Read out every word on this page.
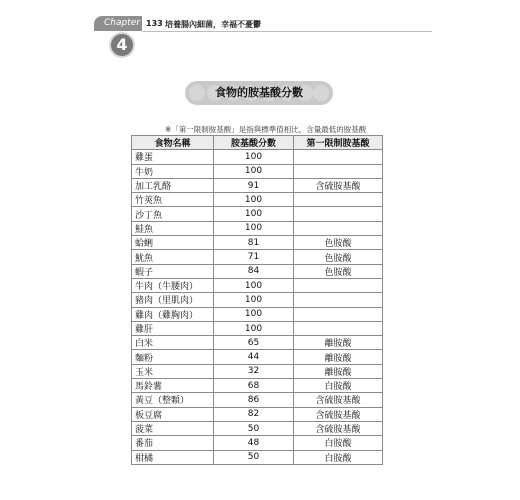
Chapter
4
133 培養腸內細菌，幸福不憂鬱
食物的胺基酸分數
※「第一限制胺基酸」是指與標準值相比，含量最低的胺基酸
食物名稱	胺基酸分數	第一限制胺基酸
雞蛋	100	
牛奶	100	
加工乳酪	91	含硫胺基酸
竹莢魚	100	
沙丁魚	100	
鮭魚	100	
蛤蜊	81	色胺酸
魷魚	71	色胺酸
蝦子	84	色胺酸
牛肉（牛腰肉）	100	
豬肉（里肌肉）	100	
雞肉（雞胸肉）	100	
雞肝	100	
白米	65	離胺酸
麵粉	44	離胺酸
玉米	32	離胺酸
馬鈴薯	68	白胺酸
黃豆（整顆）	86	含硫胺基酸
板豆腐	82	含硫胺基酸
菠菜	50	含硫胺基酸
番茄	48	白胺酸
柑橘	50	白胺酸
